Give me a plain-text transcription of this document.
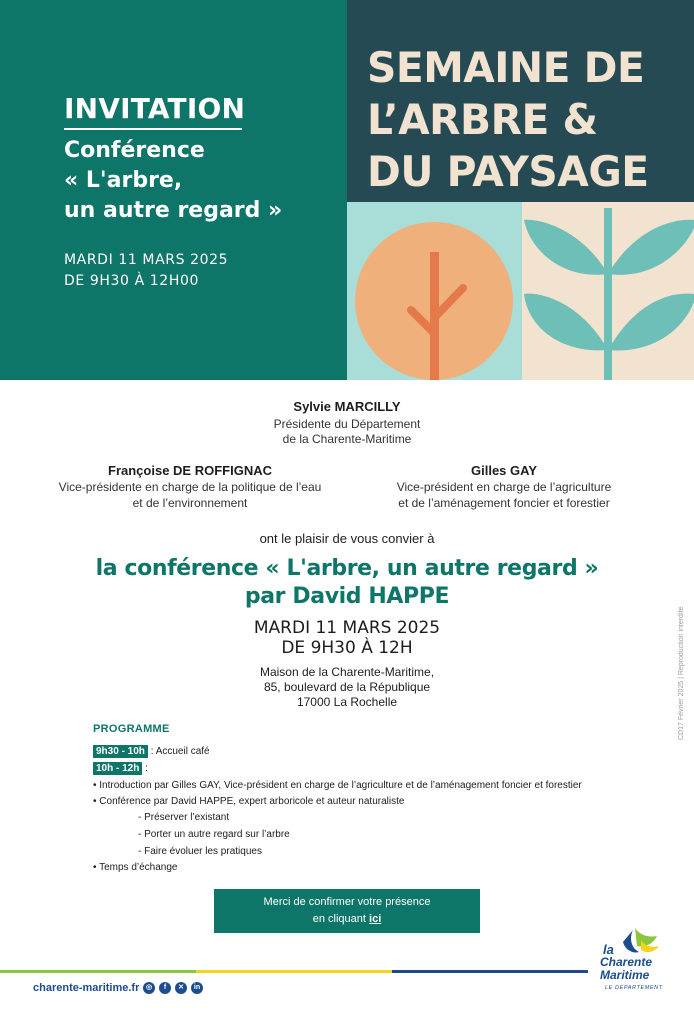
INVITATION
Conférence
« L'arbre,
un autre regard »
MARDI 11 MARS 2025
DE 9H30 À 12H00
SEMAINE DE
L’ARBRE &
DU PAYSAGE
Sylvie MARCILLY
Présidente du Département
de la Charente-Maritime
Françoise DE ROFFIGNAC
Vice-présidente en charge de la politique de l’eau
et de l’environnement
Gilles GAY
Vice-président en charge de l’agriculture
et de l’aménagement foncier et forestier
ont le plaisir de vous convier à
la conférence « L'arbre, un autre regard »
par David HAPPE
MARDI 11 MARS 2025
DE 9H30 À 12H
Maison de la Charente-Maritime,
85, boulevard de la République
17000 La Rochelle	CD17 Février 2025 | Reproduction interdite
PROGRAMME
9h30 - 10h : Accueil café
10h - 12h :
• Introduction par Gilles GAY, Vice-président en charge de l’agriculture et de l’aménagement foncier et forestier
• Conférence par David HAPPE, expert arboricole et auteur naturaliste
- Préserver l’existant
- Porter un autre regard sur l’arbre
- Faire évoluer les pratiques
• Temps d’échange
Merci de confirmer votre présence
en cliquant ici
la
Charente
Maritime
LE DÉPARTEMENT
charente-maritime.fr ◎	f	✕	in
